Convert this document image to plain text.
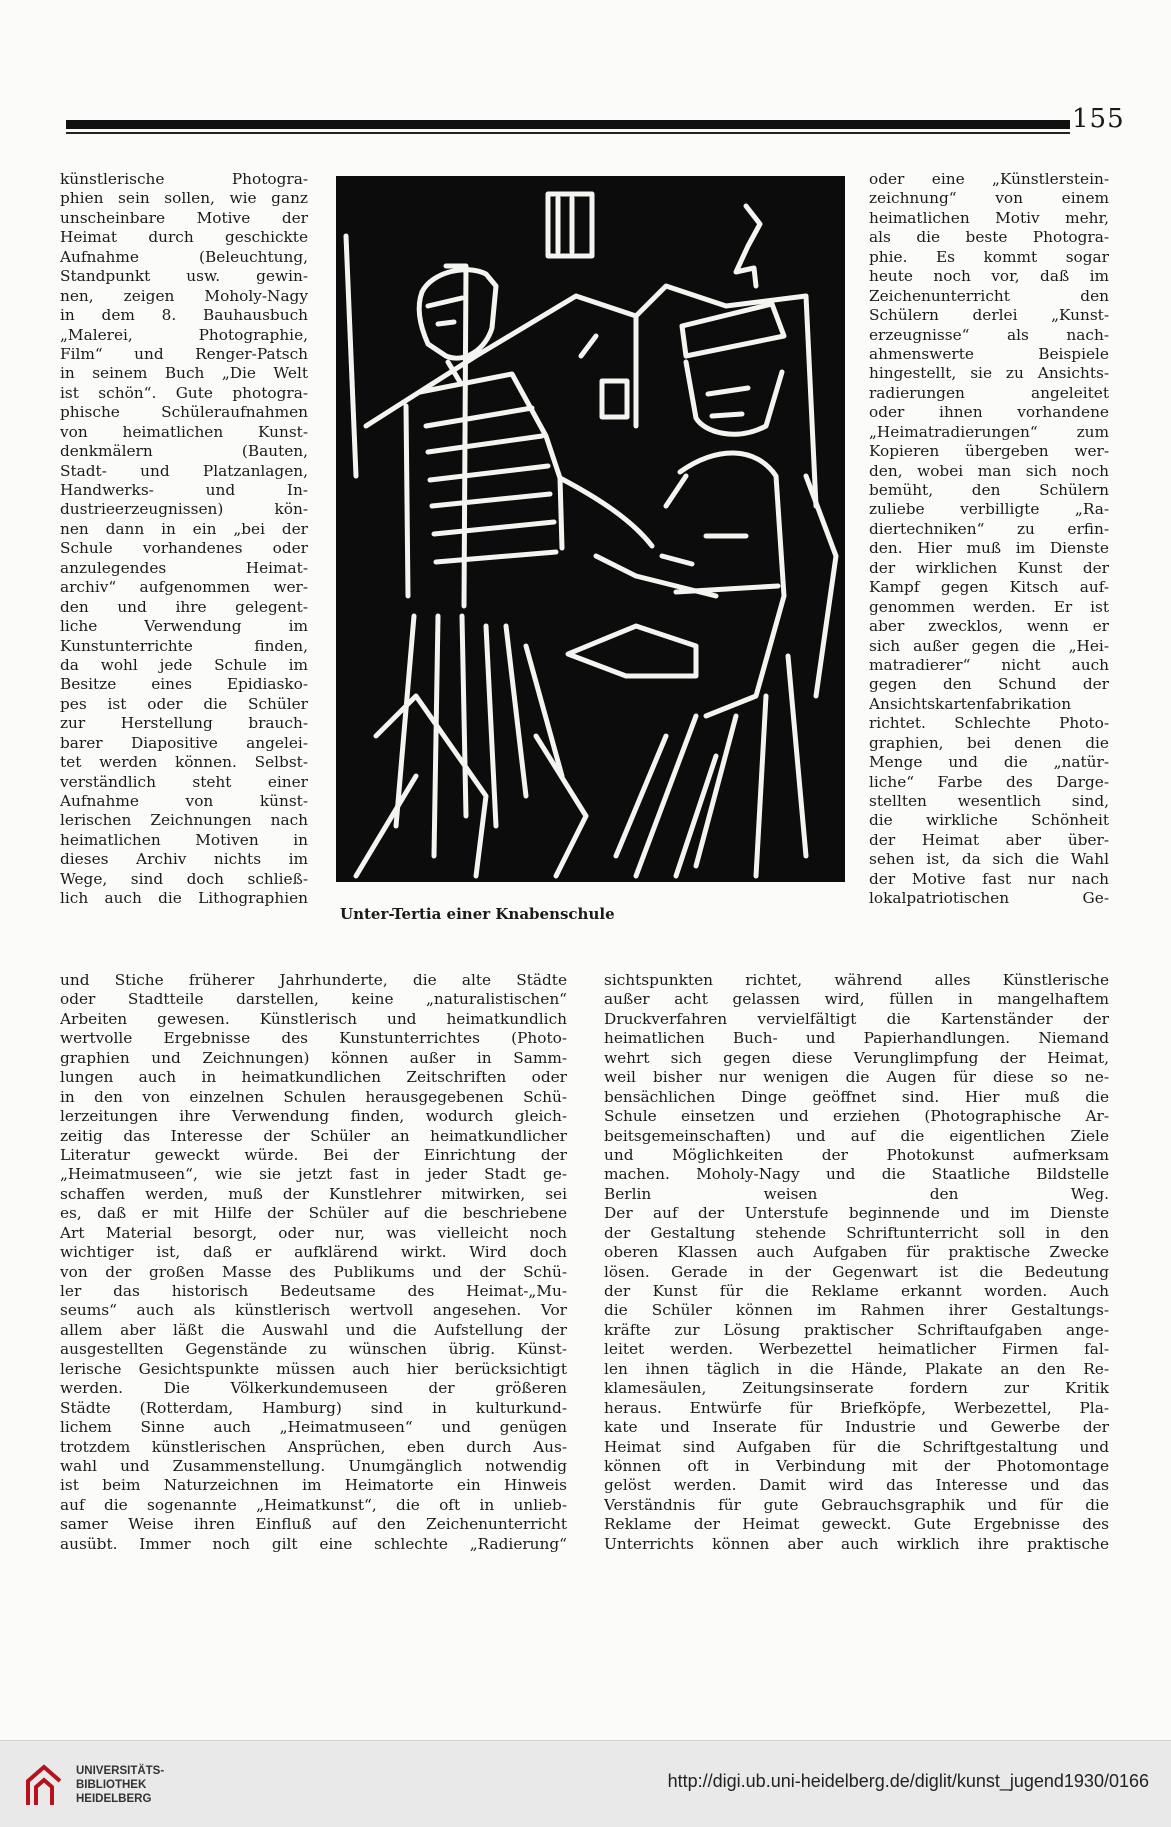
155
künstlerische Photogra-
phien sein sollen, wie ganz
unscheinbare Motive der
Heimat durch geschickte
Aufnahme (Beleuchtung,
Standpunkt usw. gewin-
nen, zeigen Moholy-Nagy
in dem 8. Bauhausbuch
„Malerei, Photographie,
Film“ und Renger-Patsch
in seinem Buch „Die Welt
ist schön“. Gute photogra-
phische Schüleraufnahmen
von heimatlichen Kunst-
denkmälern (Bauten,
Stadt- und Platzanlagen,
Handwerks- und In-
dustrieerzeugnissen) kön-
nen dann in ein „bei der
Schule vorhandenes oder
anzulegendes Heimat-
archiv“ aufgenommen wer-
den und ihre gelegent-
liche Verwendung im
Kunstunterrichte finden,
da wohl jede Schule im
Besitze eines Epidiasko-
pes ist oder die Schüler
zur Herstellung brauch-
barer Diapositive angelei-
tet werden können. Selbst-
verständlich steht einer
Aufnahme von künst-
lerischen Zeichnungen nach
heimatlichen Motiven in
dieses Archiv nichts im
Wege, sind doch schließ-
lich auch die Lithographien
oder eine „Künstlerstein-
zeichnung“ von einem
heimatlichen Motiv mehr,
als die beste Photogra-
phie. Es kommt sogar
heute noch vor, daß im
Zeichenunterricht den
Schülern derlei „Kunst-
erzeugnisse“ als nach-
ahmenswerte Beispiele
hingestellt, sie zu Ansichts-
radierungen angeleitet
oder ihnen vorhandene
„Heimatradierungen“ zum
Kopieren übergeben wer-
den, wobei man sich noch
bemüht, den Schülern
zuliebe verbilligte „Ra-
diertechniken“ zu erfin-
den. Hier muß im Dienste
der wirklichen Kunst der
Kampf gegen Kitsch auf-
genommen werden. Er ist
aber zwecklos, wenn er
sich außer gegen die „Hei-
matradierer“ nicht auch
gegen den Schund der
Ansichtskartenfabrikation
richtet. Schlechte Photo-
graphien, bei denen die
Menge und die „natür-
liche“ Farbe des Darge-
stellten wesentlich sind,
die wirkliche Schönheit
der Heimat aber über-
sehen ist, da sich die Wahl
der Motive fast nur nach
lokalpatriotischen Ge-
Unter-Tertia einer Knabenschule
und Stiche früherer Jahrhunderte, die alte Städte
oder Stadtteile darstellen, keine „naturalistischen“
Arbeiten gewesen. Künstlerisch und heimatkundlich
wertvolle Ergebnisse des Kunstunterrichtes (Photo-
graphien und Zeichnungen) können außer in Samm-
lungen auch in heimatkundlichen Zeitschriften oder
in den von einzelnen Schulen herausgegebenen Schü-
lerzeitungen ihre Verwendung finden, wodurch gleich-
zeitig das Interesse der Schüler an heimatkundlicher
Literatur geweckt würde. Bei der Einrichtung der
„Heimatmuseen“, wie sie jetzt fast in jeder Stadt ge-
schaffen werden, muß der Kunstlehrer mitwirken, sei
es, daß er mit Hilfe der Schüler auf die beschriebene
Art Material besorgt, oder nur, was vielleicht noch
wichtiger ist, daß er aufklärend wirkt. Wird doch
von der großen Masse des Publikums und der Schü-
ler das historisch Bedeutsame des Heimat-„Mu-
seums“ auch als künstlerisch wertvoll angesehen. Vor
allem aber läßt die Auswahl und die Aufstellung der
ausgestellten Gegenstände zu wünschen übrig. Künst-
lerische Gesichtspunkte müssen auch hier berücksichtigt
werden. Die Völkerkundemuseen der größeren
Städte (Rotterdam, Hamburg) sind in kulturkund-
lichem Sinne auch „Heimatmuseen“ und genügen
trotzdem künstlerischen Ansprüchen, eben durch Aus-
wahl und Zusammenstellung. Unumgänglich notwendig
ist beim Naturzeichnen im Heimatorte ein Hinweis
auf die sogenannte „Heimatkunst“, die oft in unlieb-
samer Weise ihren Einfluß auf den Zeichenunterricht
ausübt. Immer noch gilt eine schlechte „Radierung“
sichtspunkten richtet, während alles Künstlerische
außer acht gelassen wird, füllen in mangelhaftem
Druckverfahren vervielfältigt die Kartenständer der
heimatlichen Buch- und Papierhandlungen. Niemand
wehrt sich gegen diese Verunglimpfung der Heimat,
weil bisher nur wenigen die Augen für diese so ne-
bensächlichen Dinge geöffnet sind. Hier muß die
Schule einsetzen und erziehen (Photographische Ar-
beitsgemeinschaften) und auf die eigentlichen Ziele
und Möglichkeiten der Photokunst aufmerksam
machen. Moholy-Nagy und die Staatliche Bildstelle
Berlin weisen den Weg.
Der auf der Unterstufe beginnende und im Dienste
der Gestaltung stehende Schriftunterricht soll in den
oberen Klassen auch Aufgaben für praktische Zwecke
lösen. Gerade in der Gegenwart ist die Bedeutung
der Kunst für die Reklame erkannt worden. Auch
die Schüler können im Rahmen ihrer Gestaltungs-
kräfte zur Lösung praktischer Schriftaufgaben ange-
leitet werden. Werbezettel heimatlicher Firmen fal-
len ihnen täglich in die Hände, Plakate an den Re-
klamesäulen, Zeitungsinserate fordern zur Kritik
heraus. Entwürfe für Briefköpfe, Werbezettel, Pla-
kate und Inserate für Industrie und Gewerbe der
Heimat sind Aufgaben für die Schriftgestaltung und
können oft in Verbindung mit der Photomontage
gelöst werden. Damit wird das Interesse und das
Verständnis für gute Gebrauchsgraphik und für die
Reklame der Heimat geweckt. Gute Ergebnisse des
Unterrichts können aber auch wirklich ihre praktische
UNIVERSITÄTS-
BIBLIOTHEK
HEIDELBERG
http://digi.ub.uni-heidelberg.de/diglit/kunst_jugend1930/0166
